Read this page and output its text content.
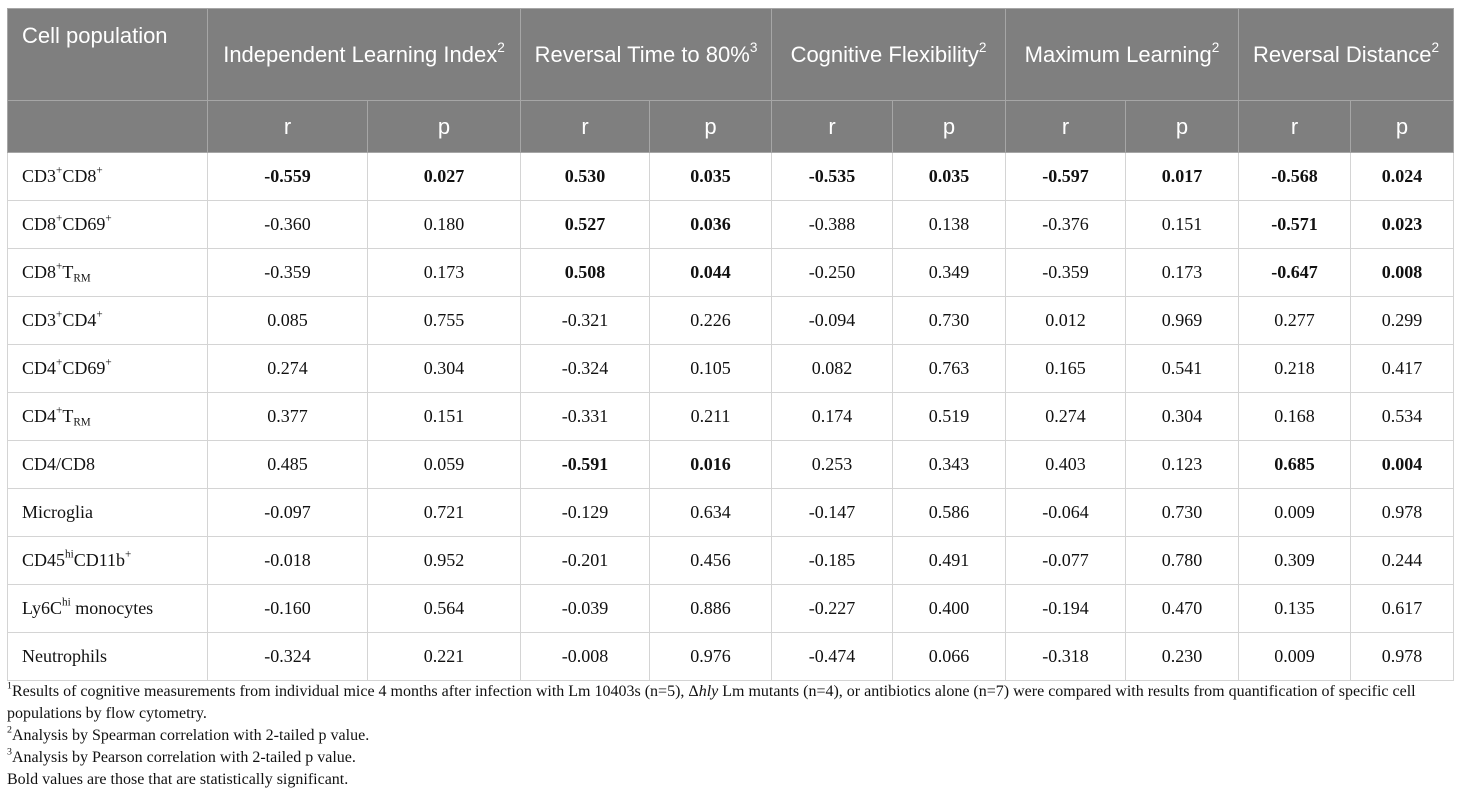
Cell population	Independent Learning Index$^2$		Reversal Time to 80%$^3$		Cognitive Flexibility$^2$		Maximum Learning$^2$		Reversal Distance$^2$
	r	p	r	p	r	p	r	p	r	p
CD3+CD8+	-0.559	0.027	0.530	0.035	-0.535	0.035	-0.597	0.017	-0.568	0.024
CD8+CD69+	-0.360	0.180	0.527	0.036	-0.388	0.138	-0.376	0.151	-0.571	0.023
$CD8^+T_{RM}$	-0.359	0.173	0.508	0.044	-0.250	0.349	-0.359	0.173	-0.647	0.008
CD3+CD4+	0.085	0.755	-0.321	0.226	-0.094	0.730	0.012	0.969	0.277	0.299
CD4+CD69+	0.274	0.304	-0.324	0.105	0.082	0.763	0.165	0.541	0.218	0.417
$CD4^+T_{RM}$	0.377	0.151	-0.331	0.211	0.174	0.519	0.274	0.304	0.168	0.534
CD4/CD8	0.485	0.059	-0.591	0.016	0.253	0.343	0.403	0.123	0.685	0.004
Microglia	-0.097	0.721	-0.129	0.634	-0.147	0.586	-0.064	0.730	0.009	0.978
$CD45^{hi}CD11b^+$	-0.018	0.952	-0.201	0.456	-0.185	0.491	-0.077	0.780	0.309	0.244
$Ly6C^{hi}$ monocytes	-0.160	0.564	-0.039	0.886	-0.227	0.400	-0.194	0.470	0.135	0.617
Neutrophils	-0.324	0.221	-0.008	0.976	-0.474	0.066	-0.318	0.230	0.009	0.978

$^1$Results of cognitive measurements from individual mice 4 months after infection with Lm 10403s (n=5), Δhly Lm mutants (n=4), or antibiotics alone (n=7) were compared with results from quantification of specific cell populations by flow cytometry.

$^2$Analysis by Spearman correlation with 2-tailed p value.

$^3$Analysis by Pearson correlation with 2-tailed p value.

Bold values are those that are statistically significant.
